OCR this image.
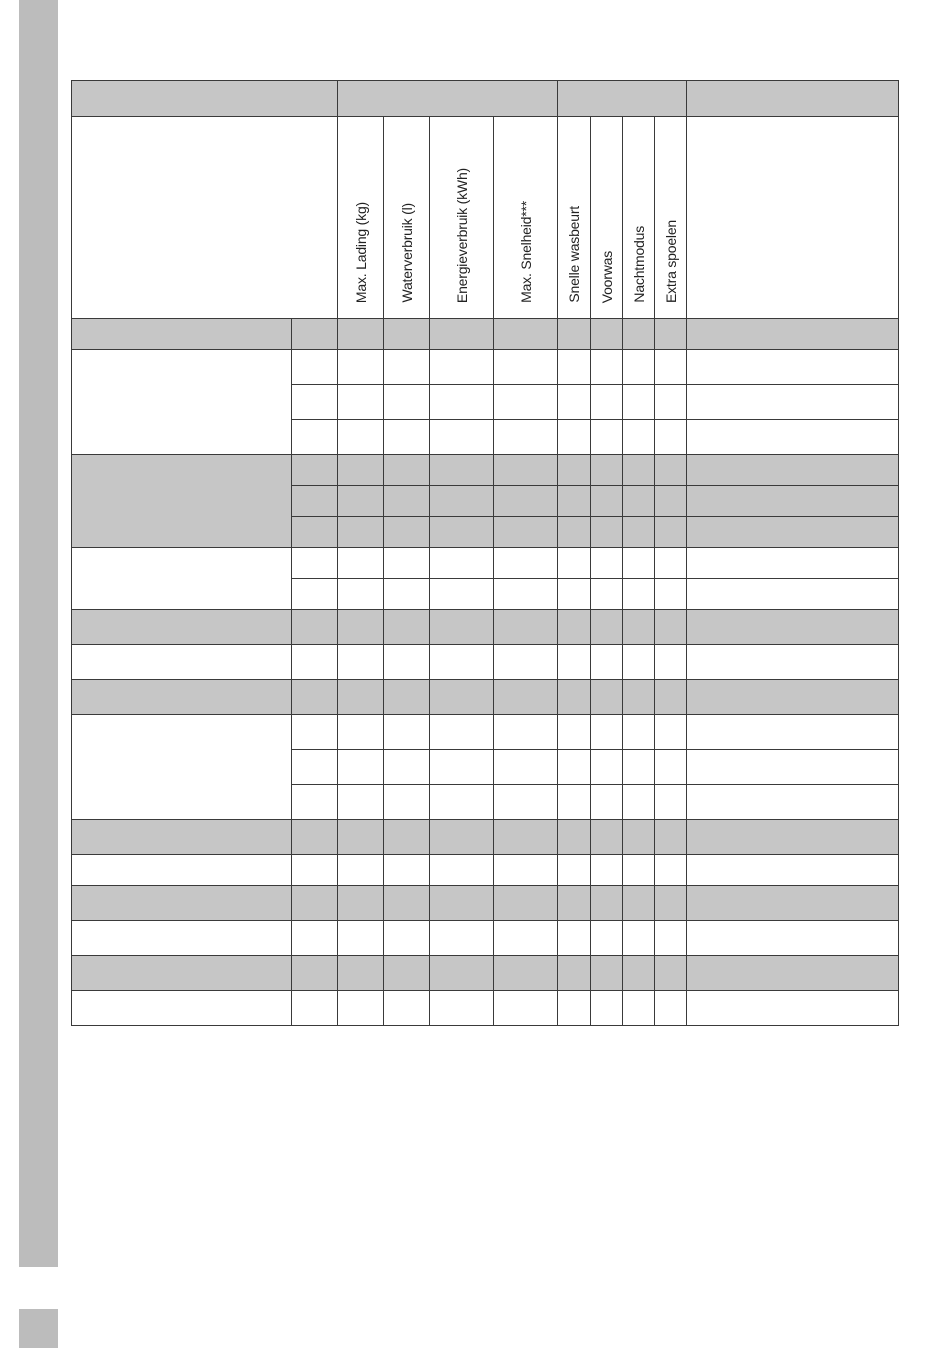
		Max. Lading (kg)	Waterverbruik (l)	Energieverbruik (kWh)	Max. Snelheid***	Snelle wasbeurt	Voorwas	Nachtmodus	Extra spoelen	
